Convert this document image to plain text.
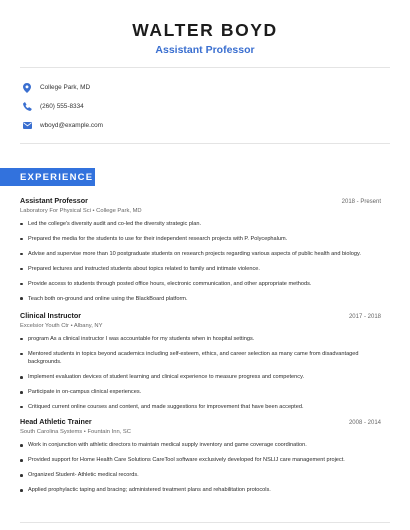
WALTER BOYD
Assistant Professor
College Park, MD
(260) 555-8334
wboyd@example.com
EXPERIENCE
Assistant Professor	2018 - Present
Laboratory For Physical Sci • College Park, MD
Led the college's diversity audit and co-led the diversity strategic plan.
Prepared the media for the students to use for their independent research projects with P. Polycephalum.
Advise and supervise more than 10 postgraduate students on research projects regarding various aspects of public health and biology.
Prepared lectures and instructed students about topics related to family and intimate violence.
Provide access to students through posted office hours, electronic communication, and other appropriate methods.
Teach both on-ground and online using the BlackBoard platform.
Clinical Instructor	2017 - 2018
Excelsior Youth Ctr • Albany, NY
program As a clinical instructor I was accountable for my students when in hospital settings.
Mentored students in topics beyond academics including self-esteem, ethics, and career selection as many came from disadvantaged backgrounds.
Implement evaluation devices of student learning and clinical experience to measure progress and competency.
Participate in on-campus clinical experiences.
Critiqued current online courses and content, and made suggestions for improvement that have been accepted.
Head Athletic Trainer	2008 - 2014
South Carolina Systems • Fountain Inn, SC
Work in conjunction with athletic directors to maintain medical supply inventory and game coverage coordination.
Provided support for Home Health Care Solutions CareTool software exclusively developed for NSLIJ care management project.
Organized Student- Athletic medical records.
Applied prophylactic taping and bracing; administered treatment plans and rehabilitation protocols.
